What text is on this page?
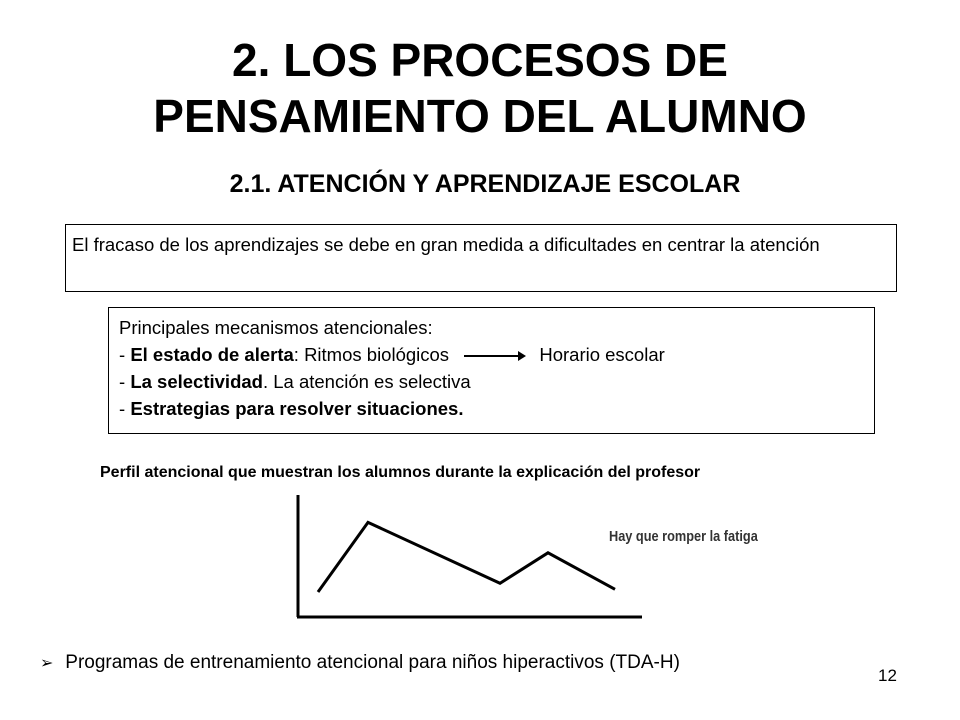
2. LOS PROCESOS DE
PENSAMIENTO DEL ALUMNO
2.1. ATENCIÓN Y APRENDIZAJE ESCOLAR
El fracaso de los aprendizajes se debe en gran medida a dificultades en centrar la atención
Principales mecanismos atencionales:
- El estado de alerta: Ritmos biológicos	Horario escolar
- La selectividad. La atención es selectiva
- Estrategias para resolver situaciones.
Perfil atencional que muestran los alumnos durante la explicación del profesor
Hay que romper la fatiga
➢ Programas de entrenamiento atencional para niños hiperactivos (TDA-H)
12
